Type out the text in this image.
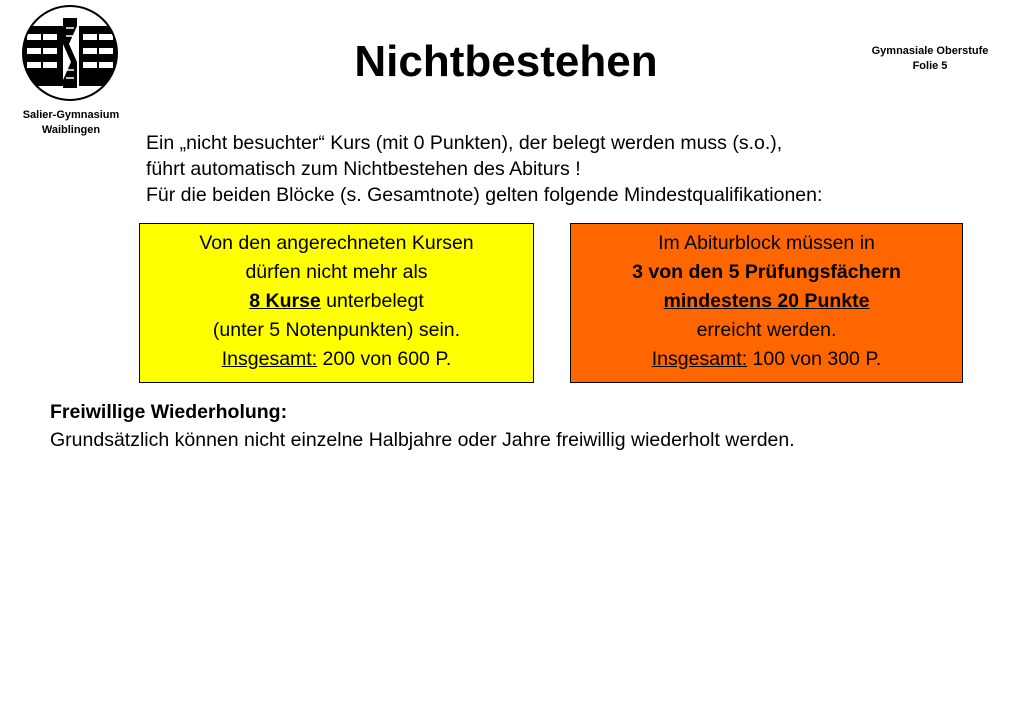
Salier-Gymnasium
Waiblingen
Nichtbestehen	Gymnasiale Oberstufe
Folie 5
Ein „nicht besuchter“ Kurs (mit 0 Punkten), der belegt werden muss (s.o.),
führt automatisch zum Nichtbestehen des Abiturs !
Für die beiden Blöcke (s. Gesamtnote) gelten folgende Mindestqualifikationen:
Von den angerechneten Kursen
dürfen nicht mehr als
8 Kurse unterbelegt
(unter 5 Notenpunkten) sein.
Insgesamt: 200 von 600 P.
Im Abiturblock müssen in
3 von den 5 Prüfungsfächern
mindestens 20 Punkte
erreicht werden.
Insgesamt: 100 von 300 P.
Freiwillige Wiederholung:
Grundsätzlich können nicht einzelne Halbjahre oder Jahre freiwillig wiederholt werden.
